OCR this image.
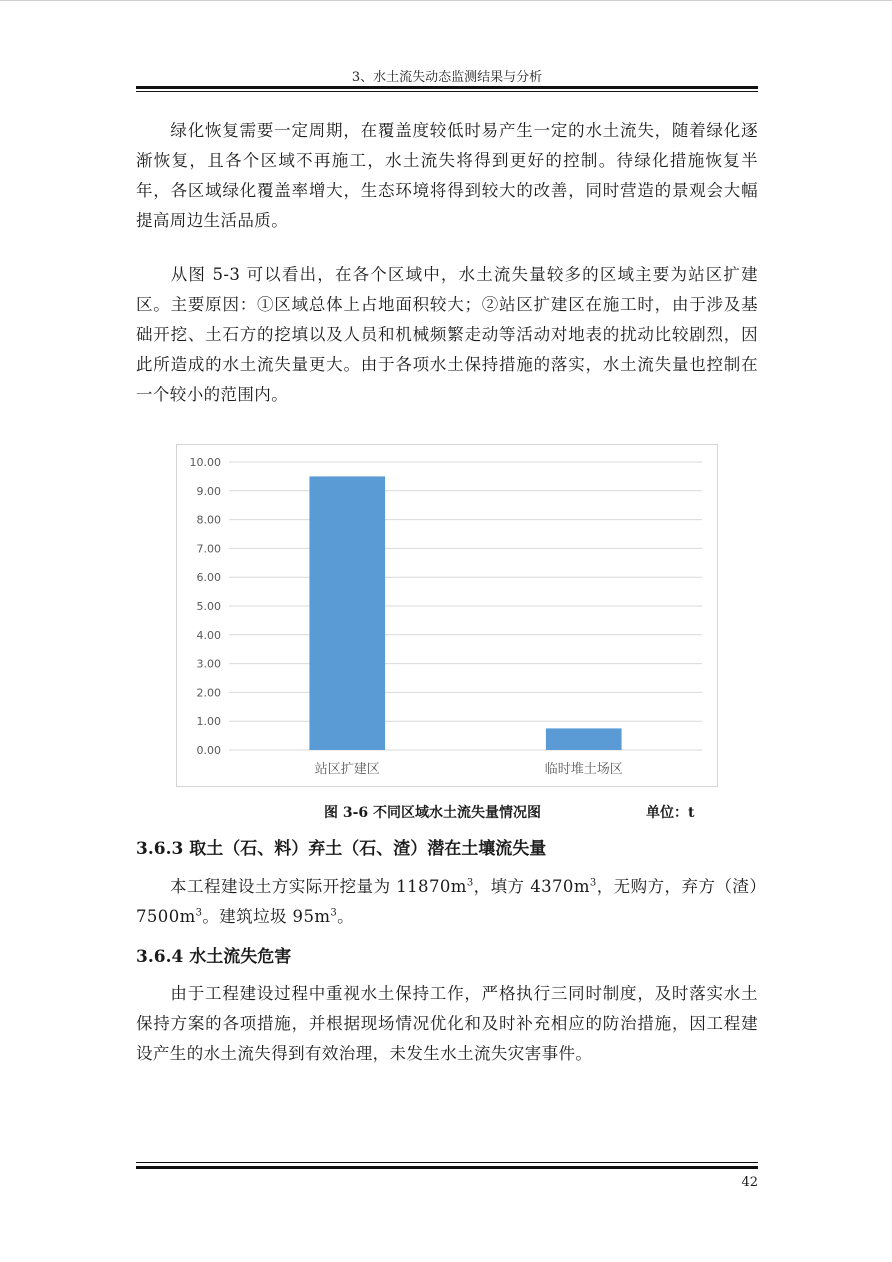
3、水土流失动态监测结果与分析
绿化恢复需要一定周期，在覆盖度较低时易产生一定的水土流失，随着绿化逐渐恢复，且各个区域不再施工，水土流失将得到更好的控制。待绿化措施恢复半年，各区域绿化覆盖率增大，生态环境将得到较大的改善，同时营造的景观会大幅提高周边生活品质。
从图 5-3 可以看出，在各个区域中，水土流失量较多的区域主要为站区扩建区。主要原因：①区域总体上占地面积较大；②站区扩建区在施工时，由于涉及基础开挖、土石方的挖填以及人员和机械频繁走动等活动对地表的扰动比较剧烈，因此所造成的水土流失量更大。由于各项水土保持措施的落实，水土流失量也控制在一个较小的范围内。
0.00
1.00
2.00
3.00
4.00
5.00
6.00
7.00
8.00
9.00
10.00
站区扩建区	临时堆土场区
图 3-6 不同区域水土流失量情况图	单位：t
3.6.3 取土（石、料）弃土（石、渣）潜在土壤流失量
本工程建设土方实际开挖量为 $11870m^3$，填方 $4370m^3$，无购方，弃方（渣）$7500m^3$。建筑垃圾 $95m^3$。
3.6.4 水土流失危害
由于工程建设过程中重视水土保持工作，严格执行三同时制度，及时落实水土保持方案的各项措施，并根据现场情况优化和及时补充相应的防治措施，因工程建设产生的水土流失得到有效治理，未发生水土流失灾害事件。
42
